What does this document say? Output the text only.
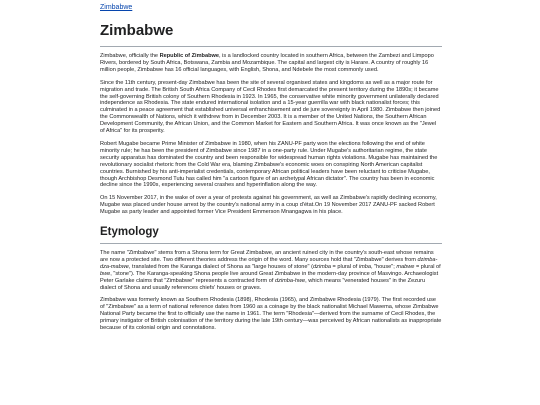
Zimbabwe
Zimbabwe

Zimbabwe, officially the Republic of Zimbabwe, is a landlocked country located in southern Africa, between the Zambezi and Limpopo Rivers, bordered by South Africa, Botswana, Zambia and Mozambique. The capital and largest city is Harare. A country of roughly 16 million people, Zimbabwe has 16 official languages, with English, Shona, and Ndebele the most commonly used.

Since the 11th century, present-day Zimbabwe has been the site of several organised states and kingdoms as well as a major route for migration and trade. The British South Africa Company of Cecil Rhodes first demarcated the present territory during the 1890s; it became the self-governing British colony of Southern Rhodesia in 1923. In 1965, the conservative white minority government unilaterally declared independence as Rhodesia. The state endured international isolation and a 15-year guerrilla war with black nationalist forces; this culminated in a peace agreement that established universal enfranchisement and de jure sovereignty in April 1980. Zimbabwe then joined the Commonwealth of Nations, which it withdrew from in December 2003. It is a member of the United Nations, the Southern African Development Community, the African Union, and the Common Market for Eastern and Southern Africa. It was once known as the "Jewel of Africa" for its prosperity.

Robert Mugabe became Prime Minister of Zimbabwe in 1980, when his ZANU-PF party won the elections following the end of white minority rule; he has been the president of Zimbabwe since 1987 in a one-party rule. Under Mugabe's authoritarian regime, the state security apparatus has dominated the country and been responsible for widespread human rights violations. Mugabe has maintained the revolutionary socialist rhetoric from the Cold War era, blaming Zimbabwe's economic woes on conspiring North American capitalist countries. Burnished by his anti-imperialist credentials, contemporary African political leaders have been reluctant to criticise Mugabe, though Archbishop Desmond Tutu has called him "a cartoon figure of an archetypal African dictator". The country has been in economic decline since the 1990s, experiencing several crashes and hyperinflation along the way.

On 15 November 2017, in the wake of over a year of protests against his government, as well as Zimbabwe's rapidly declining economy, Mugabe was placed under house arrest by the country's national army in a coup d'état.On 19 November 2017 ZANU-PF sacked Robert Mugabe as party leader and appointed former Vice President Emmerson Mnangagwa in his place.

Etymology

The name "Zimbabwe" stems from a Shona term for Great Zimbabwe, an ancient ruined city in the country's south-east whose remains are now a protected site. Two different theories address the origin of the word. Many sources hold that "Zimbabwe" derives from dzimba-dza-mabwe, translated from the Karanga dialect of Shona as "large houses of stone" (dzimba = plural of imba, "house"; mabwe = plural of bwe, "stone"). The Karanga-speaking Shona people live around Great Zimbabwe in the modern-day province of Masvingo. Archaeologist Peter Garlake claims that "Zimbabwe" represents a contracted form of dzimba-hwe, which means "venerated houses" in the Zezuru dialect of Shona and usually references chiefs' houses or graves.

Zimbabwe was formerly known as Southern Rhodesia (1898), Rhodesia (1965), and Zimbabwe Rhodesia (1979). The first recorded use of "Zimbabwe" as a term of national reference dates from 1960 as a coinage by the black nationalist Michael Mawema, whose Zimbabwe National Party became the first to officially use the name in 1961. The term "Rhodesia"—derived from the surname of Cecil Rhodes, the primary instigator of British colonisation of the territory during the late 19th century—was perceived by African nationalists as inappropriate because of its colonial origin and connotations.
